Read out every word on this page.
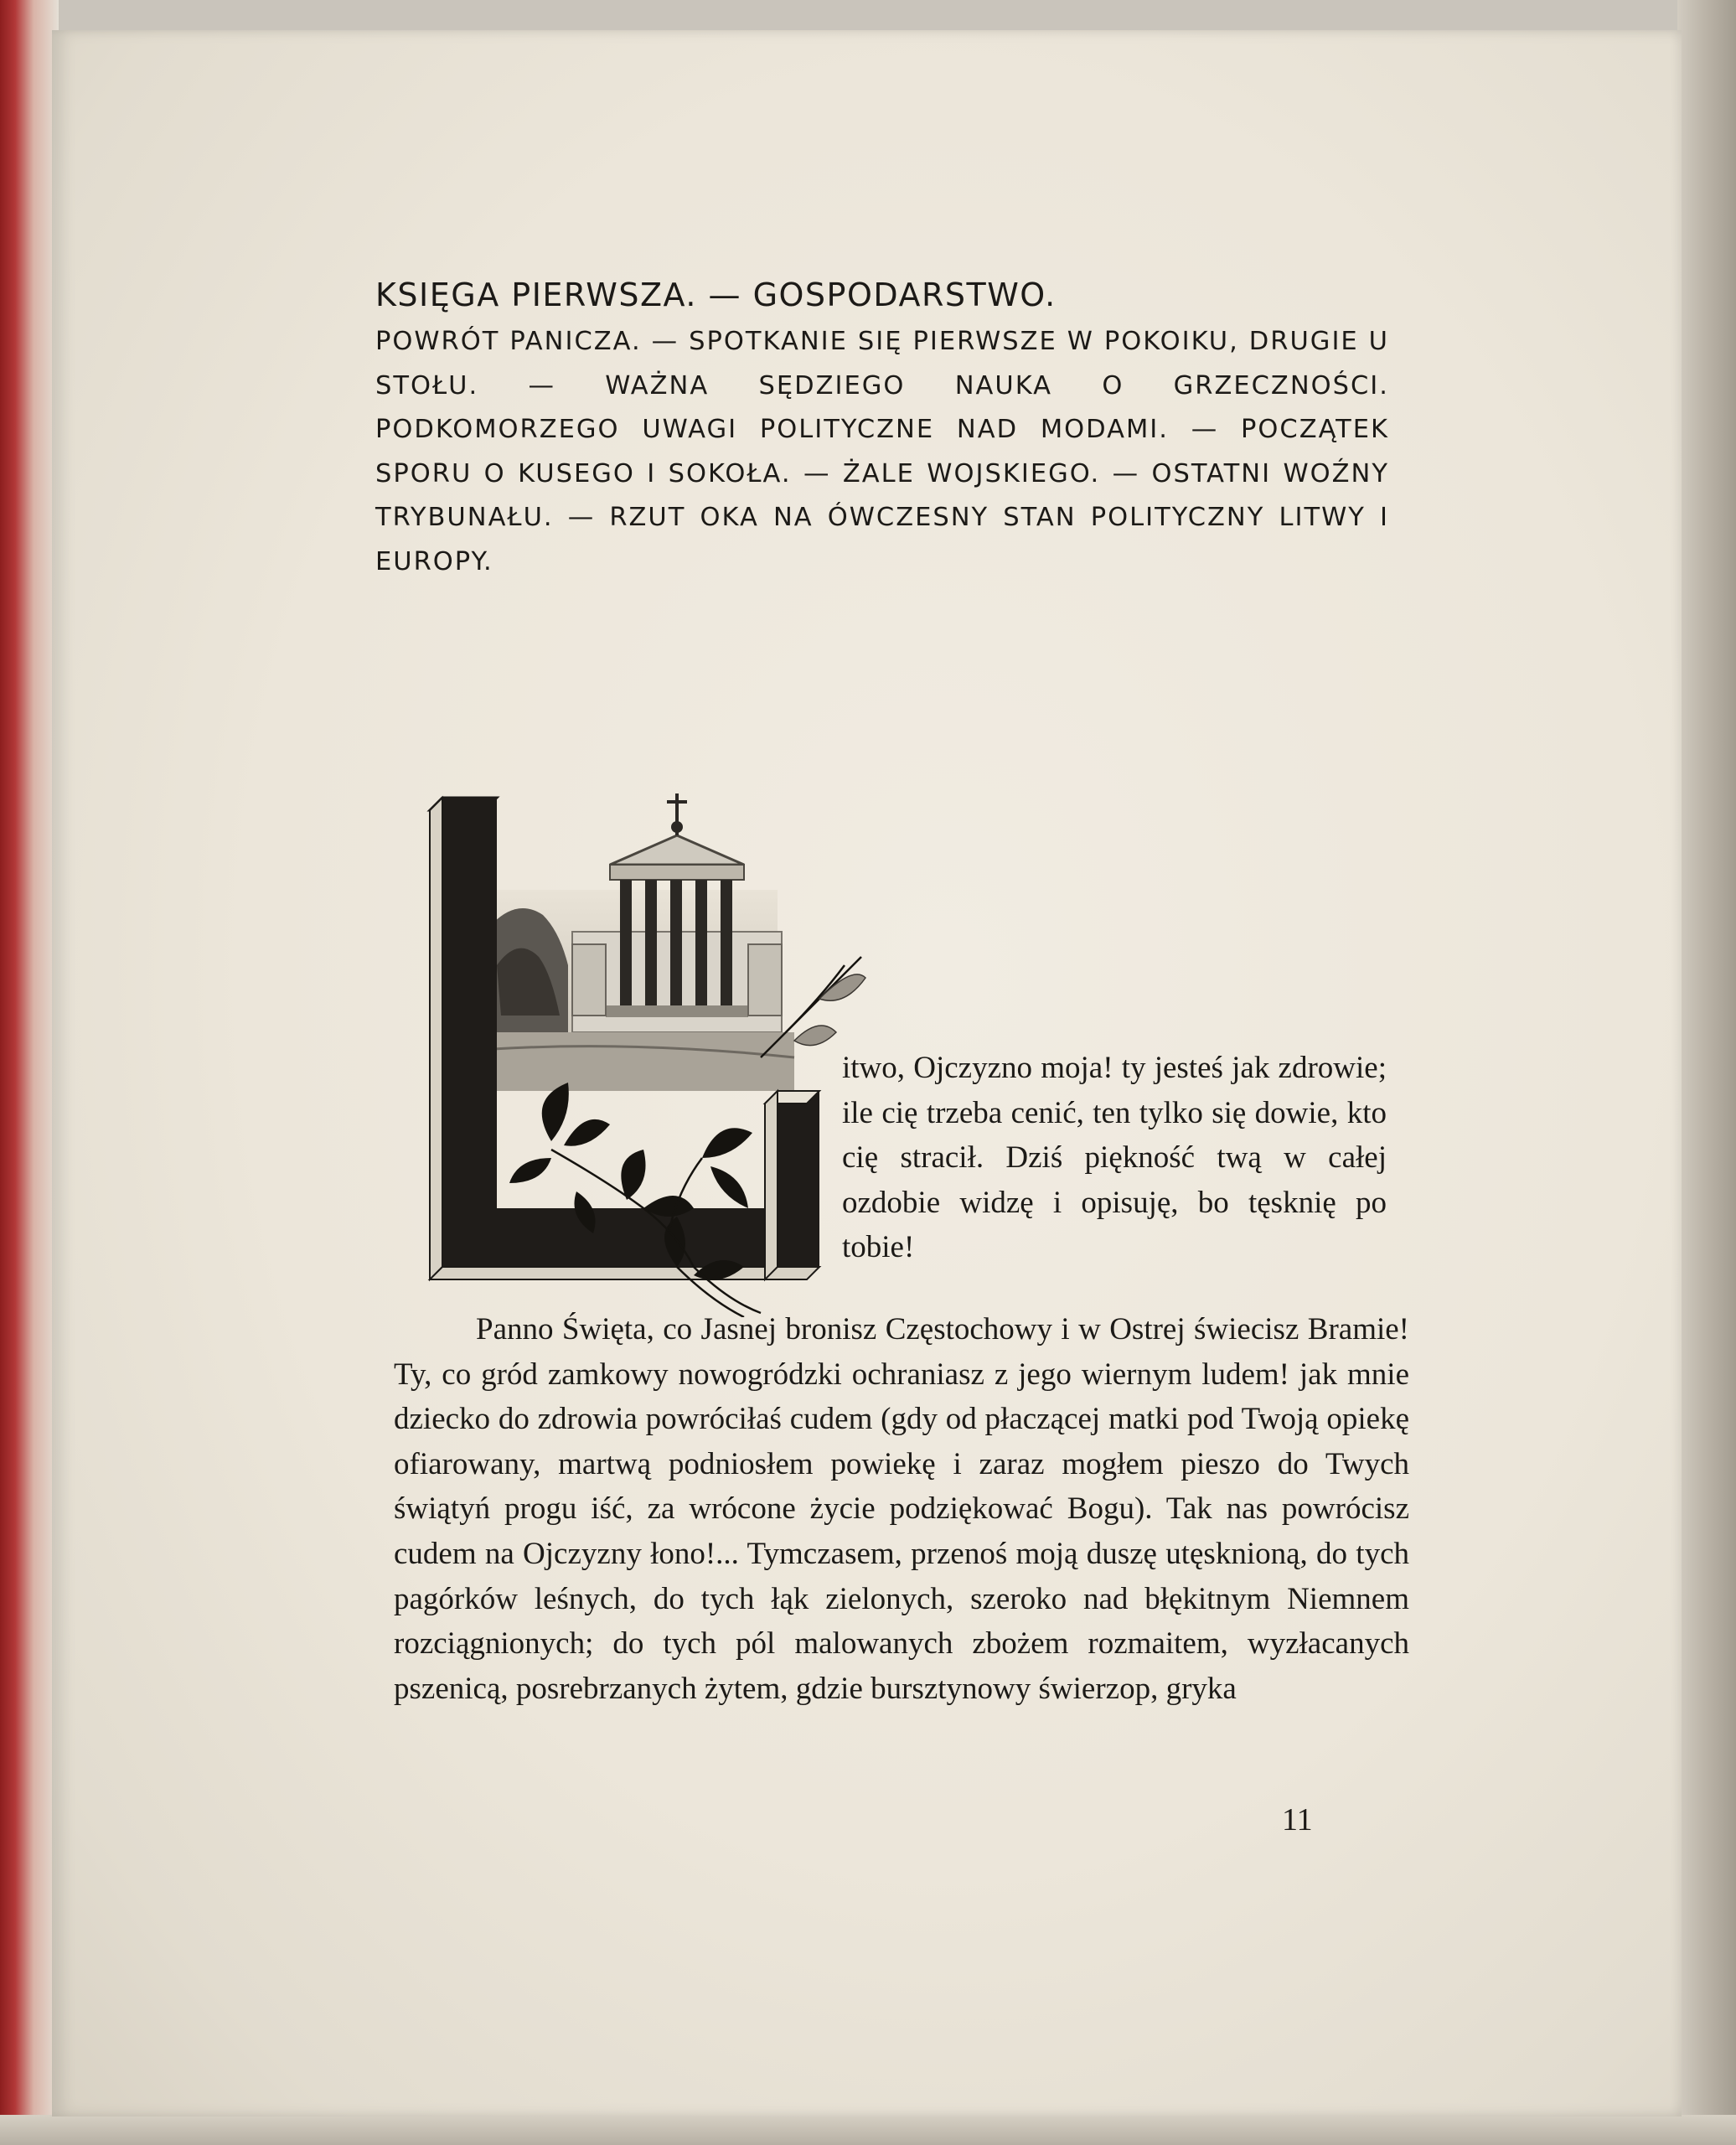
KSIĘGA PIERWSZA. — GOSPODARSTWO.

POWRÓT PANICZA. — SPOTKANIE SIĘ PIERWSZE W POKOIKU, DRUGIE U STOŁU. — WAŻNA SĘDZIEGO NAUKA O GRZECZNOŚCI. PODKOMORZEGO UWAGI POLITYCZNE NAD MODAMI. — POCZĄTEK SPORU O KUSEGO I SOKOŁA. — ŻALE WOJSKIEGO. — OSTATNI WOŹNY TRYBUNAŁU. — RZUT OKA NA ÓWCZESNY STAN POLITYCZNY LITWY I EUROPY.

itwo, Ojczyzno moja! ty jesteś jak zdrowie; ile cię trzeba cenić, ten tylko się dowie, kto cię stracił. Dziś piękność twą w całej ozdobie widzę i opisuję, bo tęsknię po tobie!

Panno Święta, co Jasnej bronisz Częstochowy i w Ostrej świecisz Bramie! Ty, co gród zamkowy nowogródzki ochraniasz z jego wiernym ludem! jak mnie dziecko do zdrowia powróciłaś cudem (gdy od płaczącej matki pod Twoją opiekę ofiarowany, martwą podniosłem powiekę i zaraz mogłem pieszo do Twych świątyń progu iść, za wrócone życie podziękować Bogu). Tak nas powrócisz cudem na Ojczyzny łono!... Tymczasem, przenoś moją duszę utęsknioną, do tych pagórków leśnych, do tych łąk zielonych, szeroko nad błękitnym Niemnem rozciągnionych; do tych pól malowanych zbożem rozmaitem, wyzłacanych pszenicą, posrebrzanych żytem, gdzie bursztynowy świerzop, gryka

11
